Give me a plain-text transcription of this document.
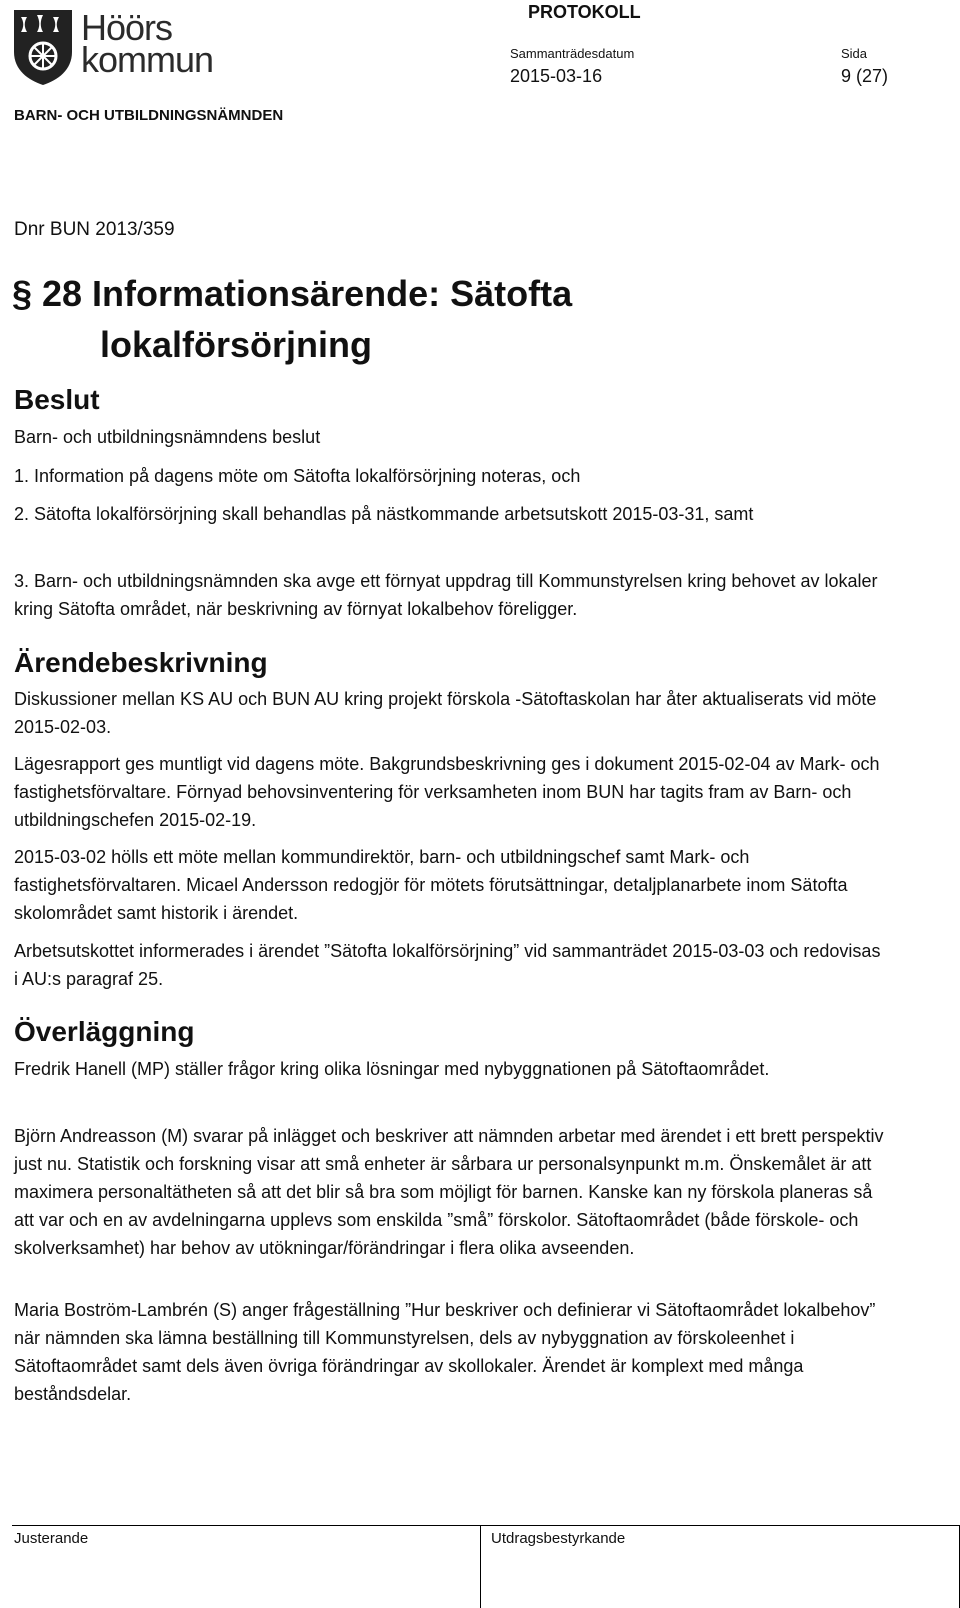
Höörs
kommun
PROTOKOLL
Sammanträdesdatum
2015-03-16
Sida
9 (27)
BARN- OCH UTBILDNINGSNÄMNDEN
Dnr BUN 2013/359
§ 28 Informationsärende: Sätofta
lokalförsörjning
Beslut
Barn- och utbildningsnämndens beslut
1. Information på dagens möte om Sätofta lokalförsörjning noteras, och
2. Sätofta lokalförsörjning skall behandlas på nästkommande arbetsutskott 2015-03-31, samt
3. Barn- och utbildningsnämnden ska avge ett förnyat uppdrag till Kommunstyrelsen kring behovet av lokaler kring Sätofta området, när beskrivning av förnyat lokalbehov föreligger.
Ärendebeskrivning
Diskussioner mellan KS AU och BUN AU kring projekt förskola -Sätoftaskolan har åter aktualiserats vid möte 2015-02-03.
Lägesrapport ges muntligt vid dagens möte. Bakgrundsbeskrivning ges i dokument 2015-02-04 av Mark- och fastighetsförvaltare. Förnyad behovsinventering för verksamheten inom BUN har tagits fram av Barn- och utbildningschefen 2015-02-19.
2015-03-02 hölls ett möte mellan kommundirektör, barn- och utbildningschef samt Mark- och fastighetsförvaltaren. Micael Andersson redogjör för mötets förutsättningar, detaljplanarbete inom Sätofta skolområdet samt historik i ärendet.
Arbetsutskottet informerades i ärendet ”Sätofta lokalförsörjning” vid sammanträdet 2015-03-03 och redovisas i AU:s paragraf 25.
Överläggning
Fredrik Hanell (MP) ställer frågor kring olika lösningar med nybyggnationen på Sätoftaområdet.
Björn Andreasson (M) svarar på inlägget och beskriver att nämnden arbetar med ärendet i ett brett perspektiv just nu. Statistik och forskning visar att små enheter är sårbara ur personalsynpunkt m.m. Önskemålet är att maximera personaltätheten så att det blir så bra som möjligt för barnen. Kanske kan ny förskola planeras så att var och en av avdelningarna upplevs som enskilda ”små” förskolor. Sätoftaområdet (både förskole- och skolverksamhet) har behov av utökningar/förändringar i flera olika avseenden.
Maria Boström-Lambrén (S) anger frågeställning ”Hur beskriver och definierar vi Sätoftaområdet lokalbehov” när nämnden ska lämna beställning till Kommunstyrelsen, dels av nybyggnation av förskoleenhet i Sätoftaområdet samt dels även övriga förändringar av skollokaler. Ärendet är komplext med många beståndsdelar.
Justerande	Utdragsbestyrkande
